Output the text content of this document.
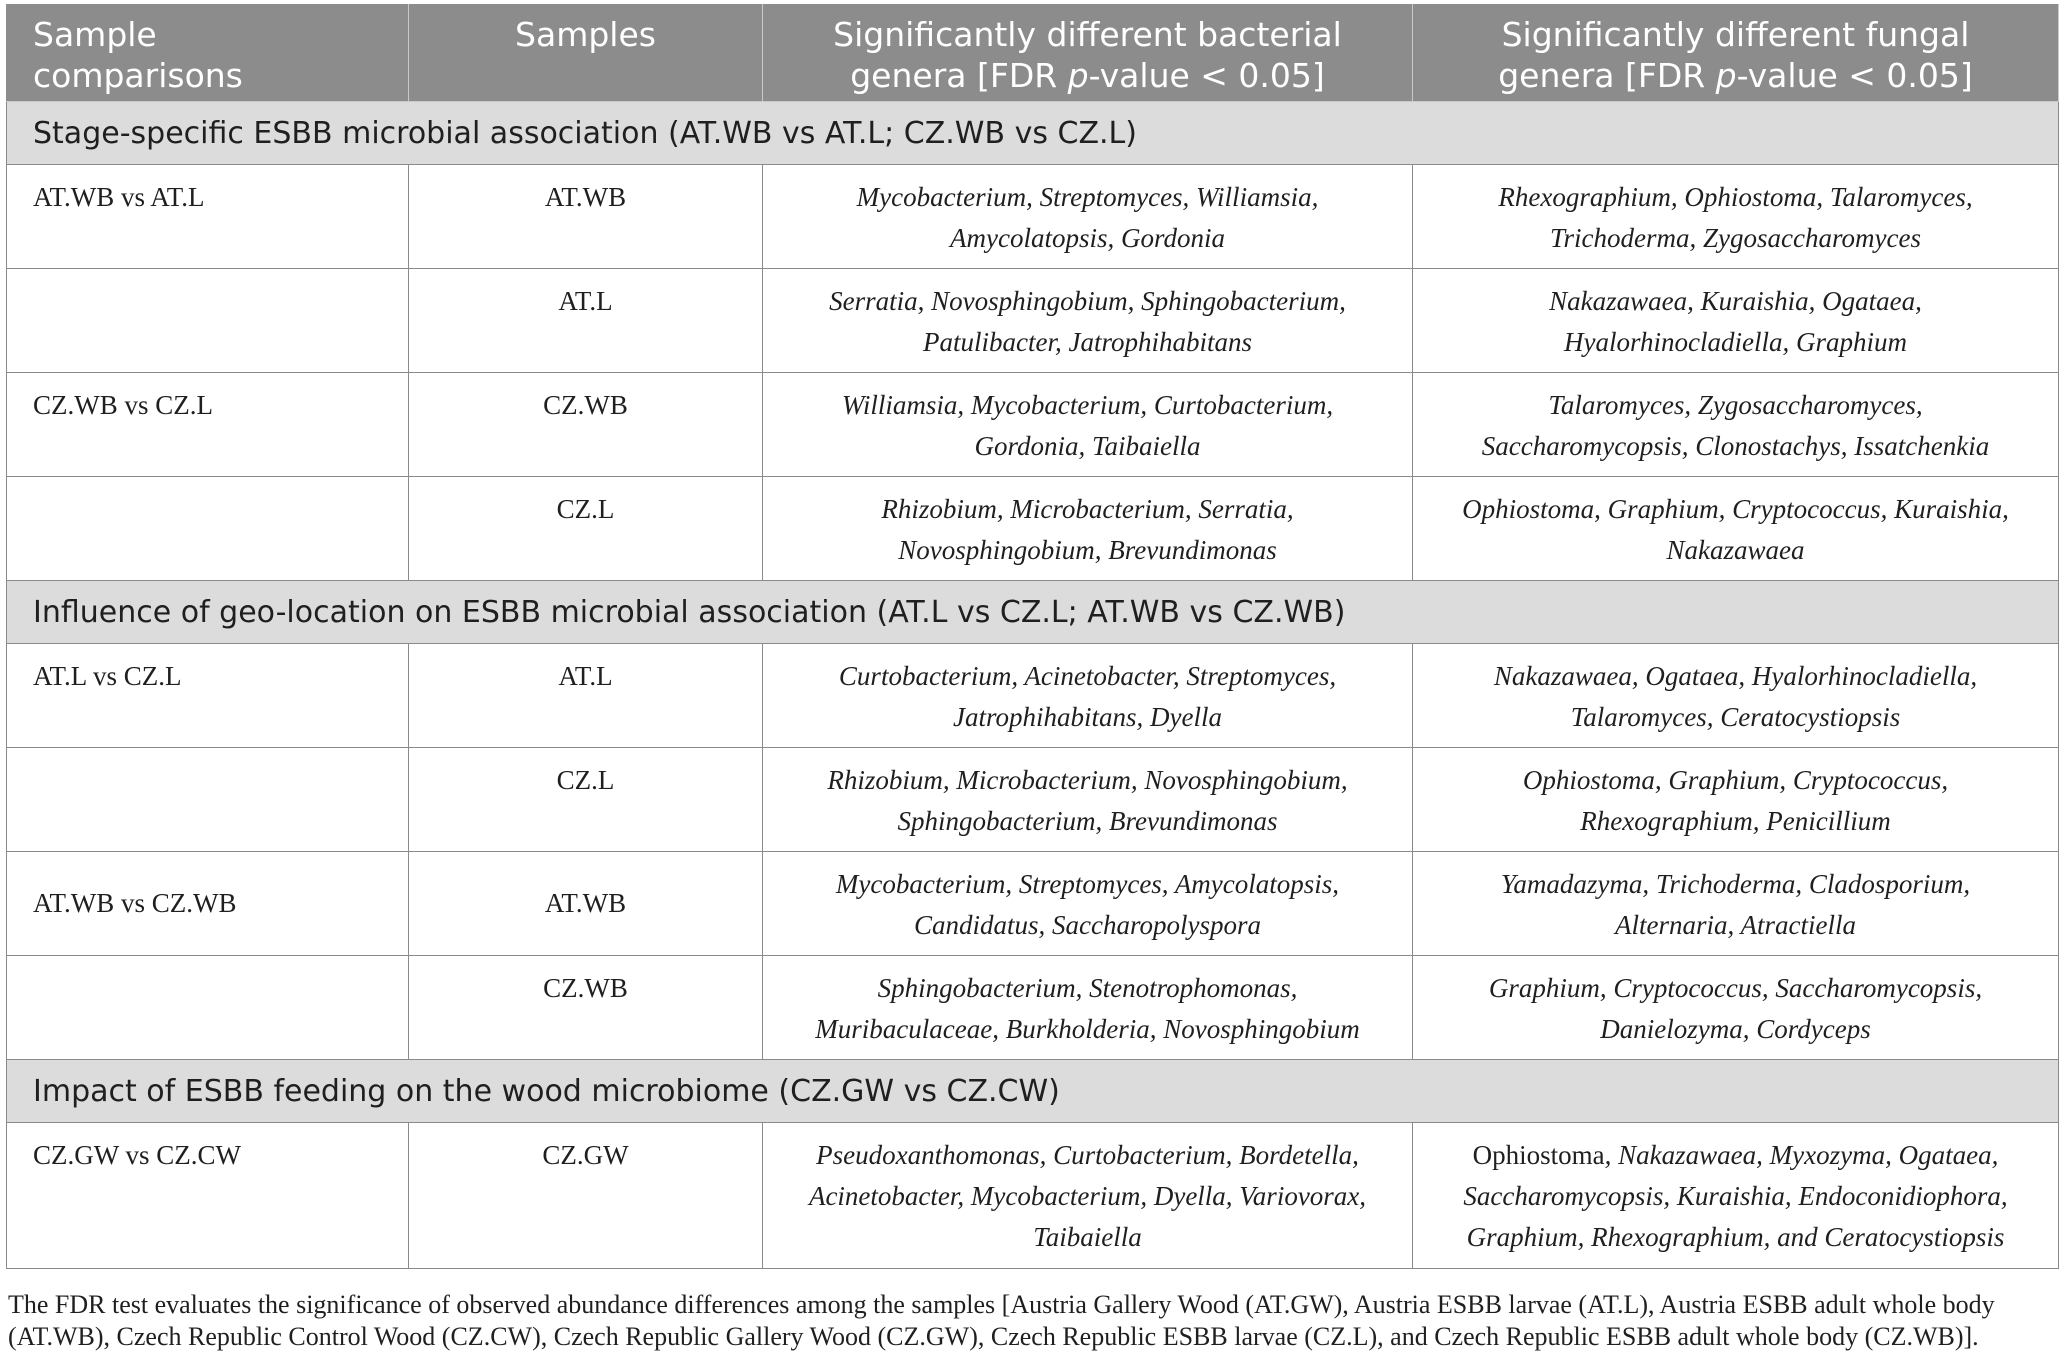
Sample comparisons	Samples	Significantly different bacterial genera [FDR p-value < 0.05]	Significantly different fungal genera [FDR p-value < 0.05]

Stage-specific ESBB microbial association (AT.WB vs AT.L; CZ.WB vs CZ.L)			
AT.WB vs AT.L	AT.WB	Mycobacterium, Streptomyces, Williamsia, Amycolatopsis, Gordonia	Rhexographium, Ophiostoma, Talaromyces, Trichoderma, Zygosaccharomyces

	AT.L	Serratia, Novosphingobium, Sphingobacterium, Patulibacter, Jatrophihabitans	Nakazawaea, Kuraishia, Ogataea, Hyalorhinocladiella, Graphium

CZ.WB vs CZ.L	CZ.WB	Williamsia, Mycobacterium, Curtobacterium, Gordonia, Taibaiella	Talaromyces, Zygosaccharomyces, Saccharomycopsis, Clonostachys, Issatchenkia

	CZ.L	Rhizobium, Microbacterium, Serratia, Novosphingobium, Brevundimonas	Ophiostoma, Graphium, Cryptococcus, Kuraishia, Nakazawaea

Influence of geo-location on ESBB microbial association (AT.L vs CZ.L; AT.WB vs CZ.WB)			
AT.L vs CZ.L	AT.L	Curtobacterium, Acinetobacter, Streptomyces, Jatrophihabitans, Dyella	Nakazawaea, Ogataea, Hyalorhinocladiella, Talaromyces, Ceratocystiopsis

	CZ.L	Rhizobium, Microbacterium, Novosphingobium, Sphingobacterium, Brevundimonas	Ophiostoma, Graphium, Cryptococcus, Rhexographium, Penicillium

AT.WB vs CZ.WB	AT.WB	Mycobacterium, Streptomyces, Amycolatopsis, Candidatus, Saccharopolyspora	Yamadazyma, Trichoderma, Cladosporium, Alternaria, Atractiella

	CZ.WB	Sphingobacterium, Stenotrophomonas, Muribaculaceae, Burkholderia, Novosphingobium	Graphium, Cryptococcus, Saccharomycopsis, Danielozyma, Cordyceps

Impact of ESBB feeding on the wood microbiome (CZ.GW vs CZ.CW)			
CZ.GW vs CZ.CW	CZ.GW	Pseudoxanthomonas, Curtobacterium, Bordetella, Acinetobacter, Mycobacterium, Dyella, Variovorax, Taibaiella	Ophiostoma, Nakazawaea, Myxozyma, Ogataea, Saccharomycopsis, Kuraishia, Endoconidiophora, Graphium, Rhexographium, and Ceratocystiopsis
The FDR test evaluates the significance of observed abundance differences among the samples [Austria Gallery Wood (AT.GW), Austria ESBB larvae (AT.L), Austria ESBB adult whole body (AT.WB), Czech Republic Control Wood (CZ.CW), Czech Republic Gallery Wood (CZ.GW), Czech Republic ESBB larvae (CZ.L), and Czech Republic ESBB adult whole body (CZ.WB)].
